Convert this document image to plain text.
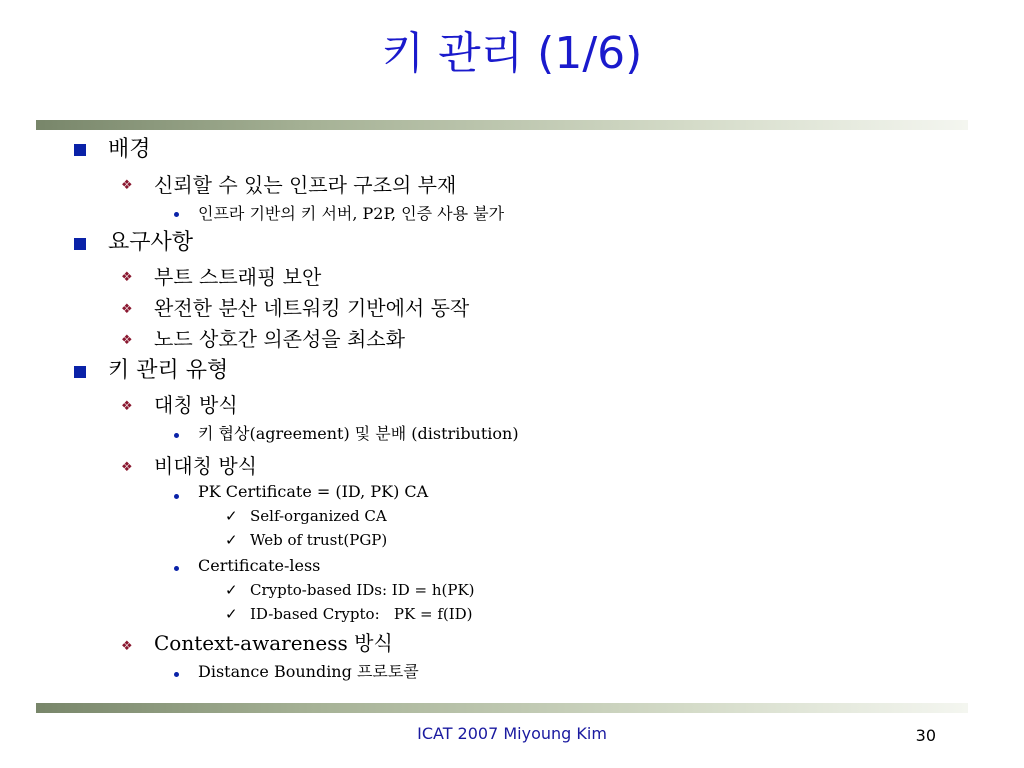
키 관리 (1/6)
배경
❖ 신뢰할 수 있는 인프라 구조의 부재
인프라 기반의 키 서버, P2P, 인증 사용 불가
요구사항
❖ 부트 스트래핑 보안
❖ 완전한 분산 네트워킹 기반에서 동작
❖ 노드 상호간 의존성을 최소화
키 관리 유형
❖ 대칭 방식
키 협상(agreement) 및 분배 (distribution)
❖ 비대칭 방식
PK Certificate = (ID, PK) CA
✓ Self-organized CA
✓ Web of trust(PGP)
Certificate-less
✓ Crypto-based IDs: ID = h(PK)
✓ ID-based Crypto:   PK = f(ID)
❖ Context-awareness 방식
Distance Bounding 프로토콜
ICAT 2007 Miyoung Kim	30
